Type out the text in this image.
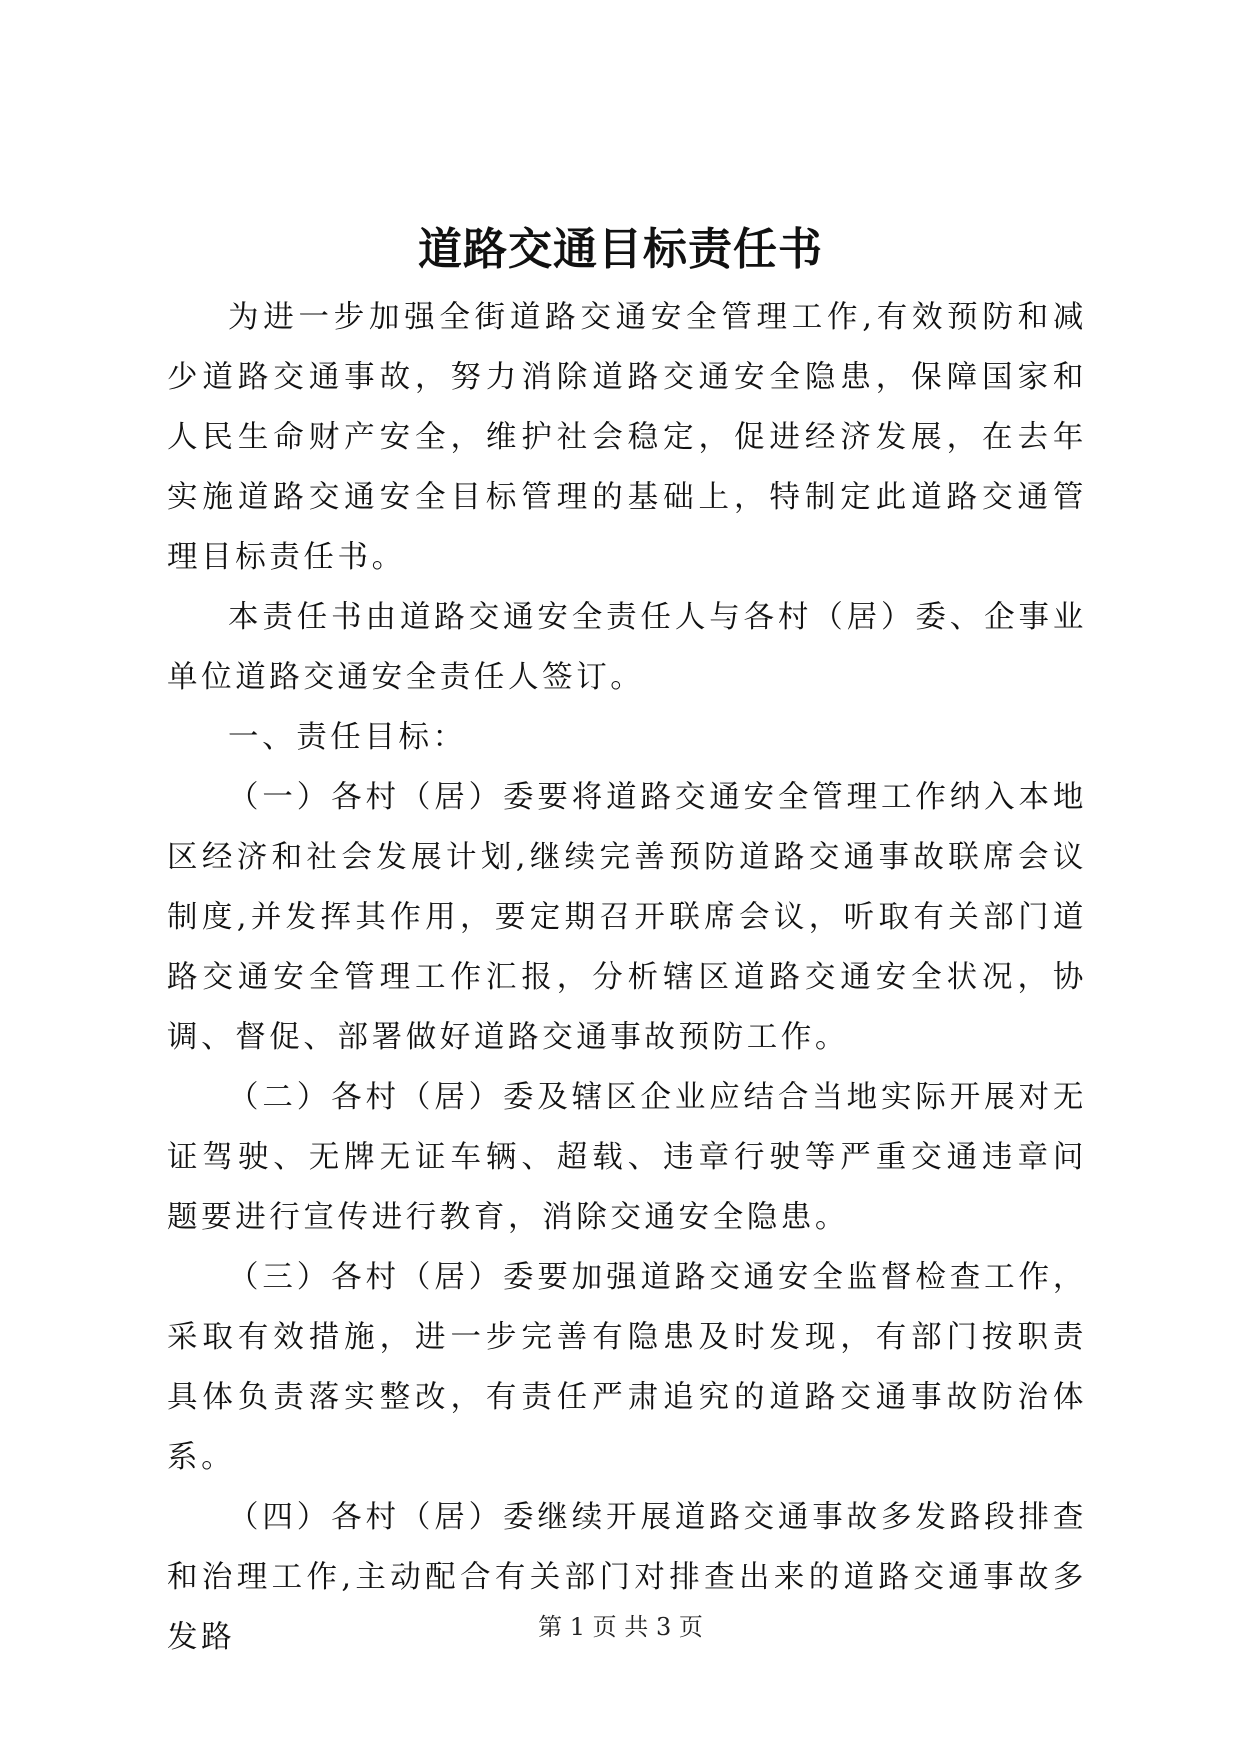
道路交通目标责任书

为进一步加强全街道路交通安全管理工作,有效预防和减少道路交通事故，努力消除道路交通安全隐患，保障国家和人民生命财产安全，维护社会稳定，促进经济发展，在去年实施道路交通安全目标管理的基础上，特制定此道路交通管理目标责任书。

本责任书由道路交通安全责任人与各村（居）委、企事业单位道路交通安全责任人签订。

一、责任目标：

（一）各村（居）委要将道路交通安全管理工作纳入本地区经济和社会发展计划,继续完善预防道路交通事故联席会议制度,并发挥其作用，要定期召开联席会议，听取有关部门道路交通安全管理工作汇报，分析辖区道路交通安全状况，协调、督促、部署做好道路交通事故预防工作。

（二）各村（居）委及辖区企业应结合当地实际开展对无证驾驶、无牌无证车辆、超载、违章行驶等严重交通违章问题要进行宣传进行教育，消除交通安全隐患。

（三）各村（居）委要加强道路交通安全监督检查工作，采取有效措施，进一步完善有隐患及时发现，有部门按职责具体负责落实整改，有责任严肃追究的道路交通事故防治体系。

（四）各村（居）委继续开展道路交通事故多发路段排查和治理工作,主动配合有关部门对排查出来的道路交通事故多发路	第 1 页 共 3 页
